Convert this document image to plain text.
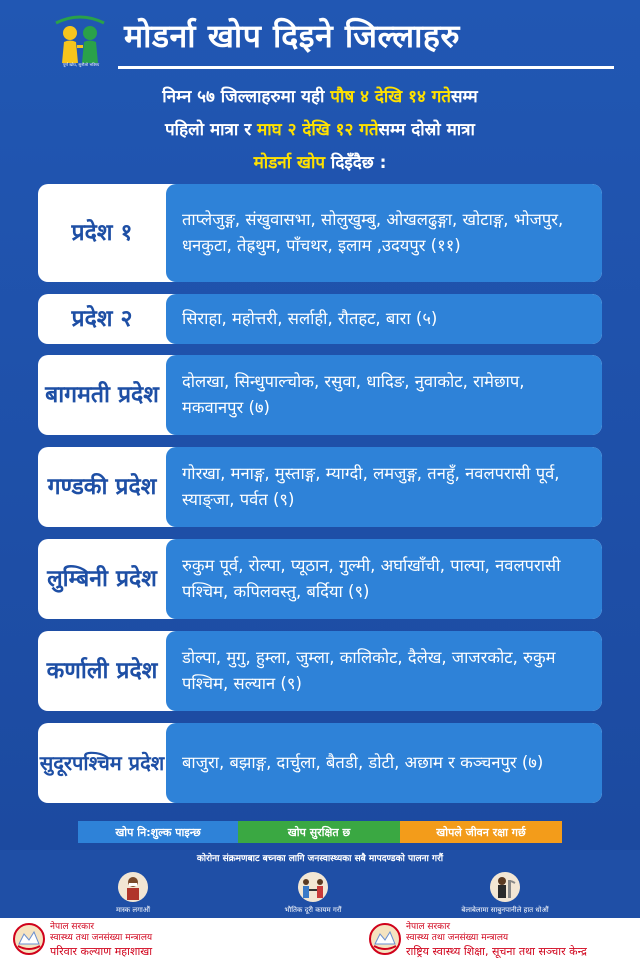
पूर्ण खोप, सुनौलो भविष्य
मोडर्ना खोप दिइने जिल्लाहरु
निम्न ५७ जिल्लाहरुमा यही पौष ४ देखि १४ गतेसम्म
पहिलो मात्रा र माघ २ देखि १२ गतेसम्म दोस्रो मात्रा
मोडर्ना खोप दिइँदैछ :
प्रदेश १
ताप्लेजुङ्ग, संखुवासभा, सोलुखुम्बु, ओखलढुङ्गा, खोटाङ्ग, भोजपुर, धनकुटा, तेह्रथुम, पाँचथर, इलाम ,उदयपुर (११)
प्रदेश २	सिराहा, महोत्तरी, सर्लाही, रौतहट, बारा (५)
बागमती प्रदेश
दोलखा, सिन्धुपाल्चोक, रसुवा, धादिङ, नुवाकोट, रामेछाप, मकवानपुर (७)
गण्डकी प्रदेश
गोरखा, मनाङ्ग, मुस्ताङ्ग, म्याग्दी, लमजुङ्ग, तनहुँ, नवलपरासी पूर्व, स्याङ्जा, पर्वत (९)
लुम्बिनी प्रदेश
रुकुम पूर्व, रोल्पा, प्यूठान, गुल्मी, अर्घाखाँची, पाल्पा, नवलपरासी पश्चिम, कपिलवस्तु, बर्दिया (९)
कर्णाली प्रदेश
डोल्पा, मुगु, हुम्ला, जुम्ला, कालिकोट, दैलेख, जाजरकोट, रुकुम पश्चिम, सल्यान (९)
सुदूरपश्चिम प्रदेश बाजुरा, बझाङ्ग, दार्चुला, बैतडी, डोटी, अछाम र कञ्चनपुर (७)
खोप नि:शुल्क पाइन्छ	खोप सुरक्षित छ	खोपले जीवन रक्षा गर्छ
कोरोना संक्रमणबाट बच्नका लागि जनस्वास्थ्यका सबै मापदण्डको पालना गरौं
मास्क लगाऔं	भौतिक दूरी कायम गरौं	बेलाबेलामा साबुनपानीले हात धोऔं
नेपाल सरकार
स्वास्थ्य तथा जनसंख्या मन्त्रालय
परिवार कल्याण महाशाखा
नेपाल सरकार
स्वास्थ्य तथा जनसंख्या मन्त्रालय
राष्ट्रिय स्वास्थ्य शिक्षा, सूचना तथा सञ्चार केन्द्र
